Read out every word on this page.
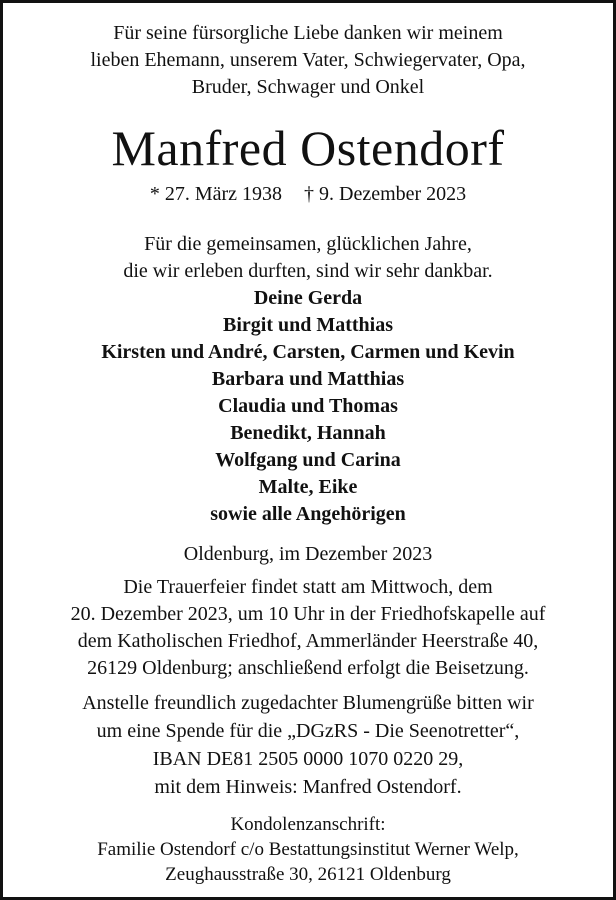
Für seine fürsorgliche Liebe danken wir meinem
lieben Ehemann, unserem Vater, Schwiegervater, Opa,
Bruder, Schwager und Onkel
Manfred Ostendorf
* 27. März 1938 † 9. Dezember 2023
Für die gemeinsamen, glücklichen Jahre,
die wir erleben durften, sind wir sehr dankbar.
Deine Gerda
Birgit und Matthias
Kirsten und André, Carsten, Carmen und Kevin
Barbara und Matthias
Claudia und Thomas
Benedikt, Hannah
Wolfgang und Carina
Malte, Eike
sowie alle Angehörigen
Oldenburg, im Dezember 2023
Die Trauerfeier findet statt am Mittwoch, dem
20. Dezember 2023, um 10 Uhr in der Friedhofskapelle auf
dem Katholischen Friedhof, Ammerländer Heerstraße 40,
26129 Oldenburg; anschließend erfolgt die Beisetzung.
Anstelle freundlich zugedachter Blumengrüße bitten wir
um eine Spende für die „DGzRS - Die Seenotretter“,
IBAN DE81 2505 0000 1070 0220 29,
mit dem Hinweis: Manfred Ostendorf.
Kondolenzanschrift:
Familie Ostendorf c/o Bestattungsinstitut Werner Welp,
Zeughausstraße 30, 26121 Oldenburg
